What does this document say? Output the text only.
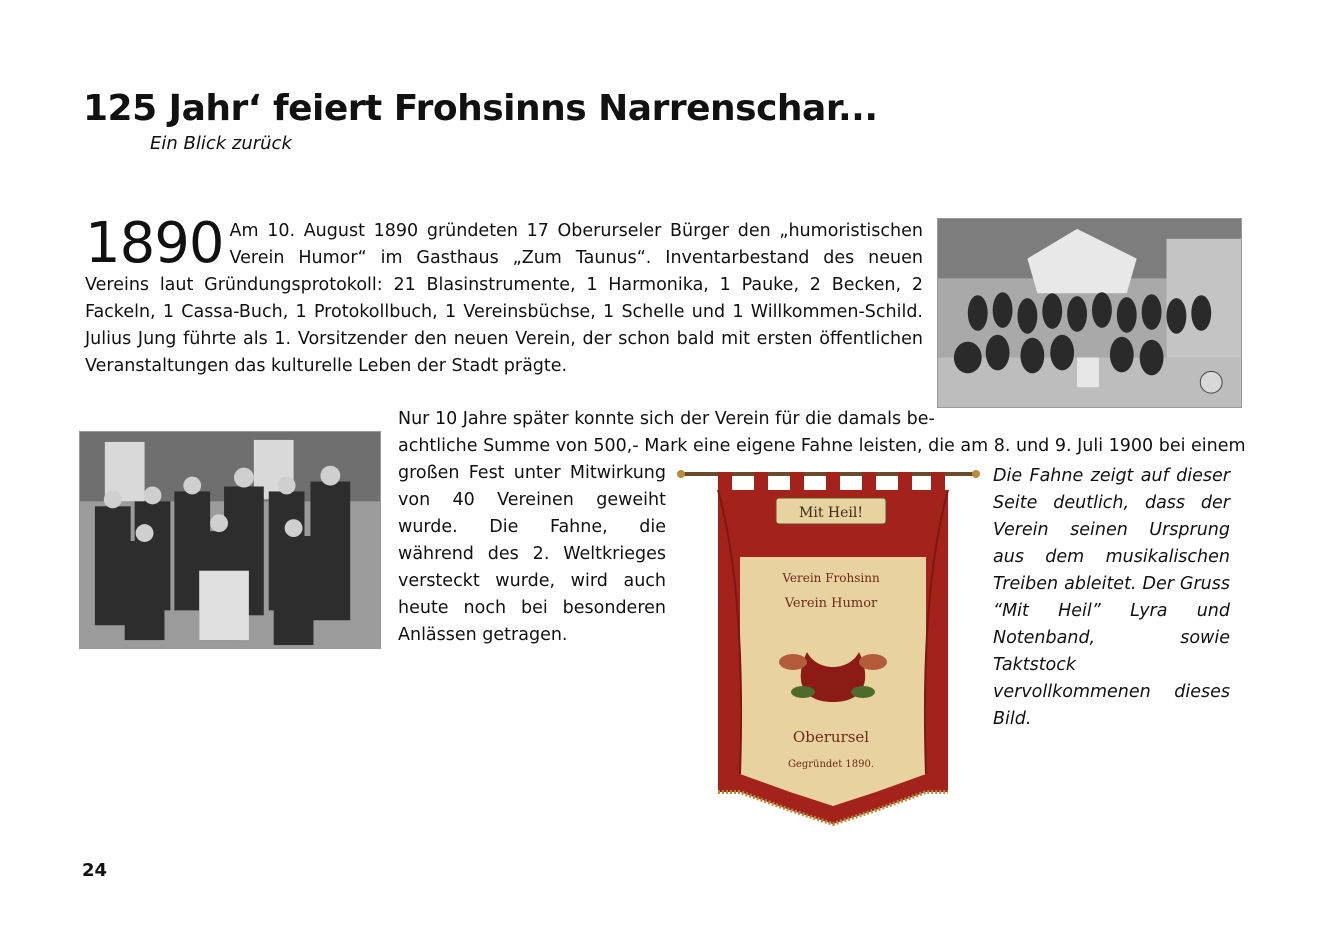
125 Jahr‘ feiert Frohsinns Narrenschar...
Ein Blick zurück

1890 Am 10. August 1890 gründeten 17 Oberurseler Bürger den „humoristischen Verein Humor“ im Gasthaus „Zum Taunus“. Inventarbestand des neuen Vereins laut Gründungsprotokoll: 21 Blasinstrumente, 1 Harmonika, 1 Pauke, 2 Becken, 2 Fackeln, 1 Cassa-Buch, 1 Protokollbuch, 1 Vereinsbüchse, 1 Schelle und 1 Willkommen-Schild. Julius Jung führte als 1. Vorsitzender den neuen Verein, der schon bald mit ersten öffentlichen Veranstaltungen das kulturelle Leben der Stadt prägte.

Nur 10 Jahre später konnte sich der Verein für die damals be-
achtliche Summe von 500,- Mark eine eigene Fahne leisten, die am 8. und 9. Juli 1900 bei einem

großen Fest unter Mitwirkung von 40 Vereinen geweiht wurde. Die Fahne, die während des 2. Weltkrieges versteckt wurde, wird auch heute noch bei besonderen Anlässen getragen.

Mit Heil!
Verein Frohsinn
Verein Humor
Oberursel
Gegründet 1890.

Die Fahne zeigt auf dieser Seite deutlich, dass der Verein seinen Ursprung aus dem musikalischen Treiben ableitet. Der Gruss “Mit Heil” Lyra und Notenband, sowie Taktstock vervollkommenen dieses Bild.

24
